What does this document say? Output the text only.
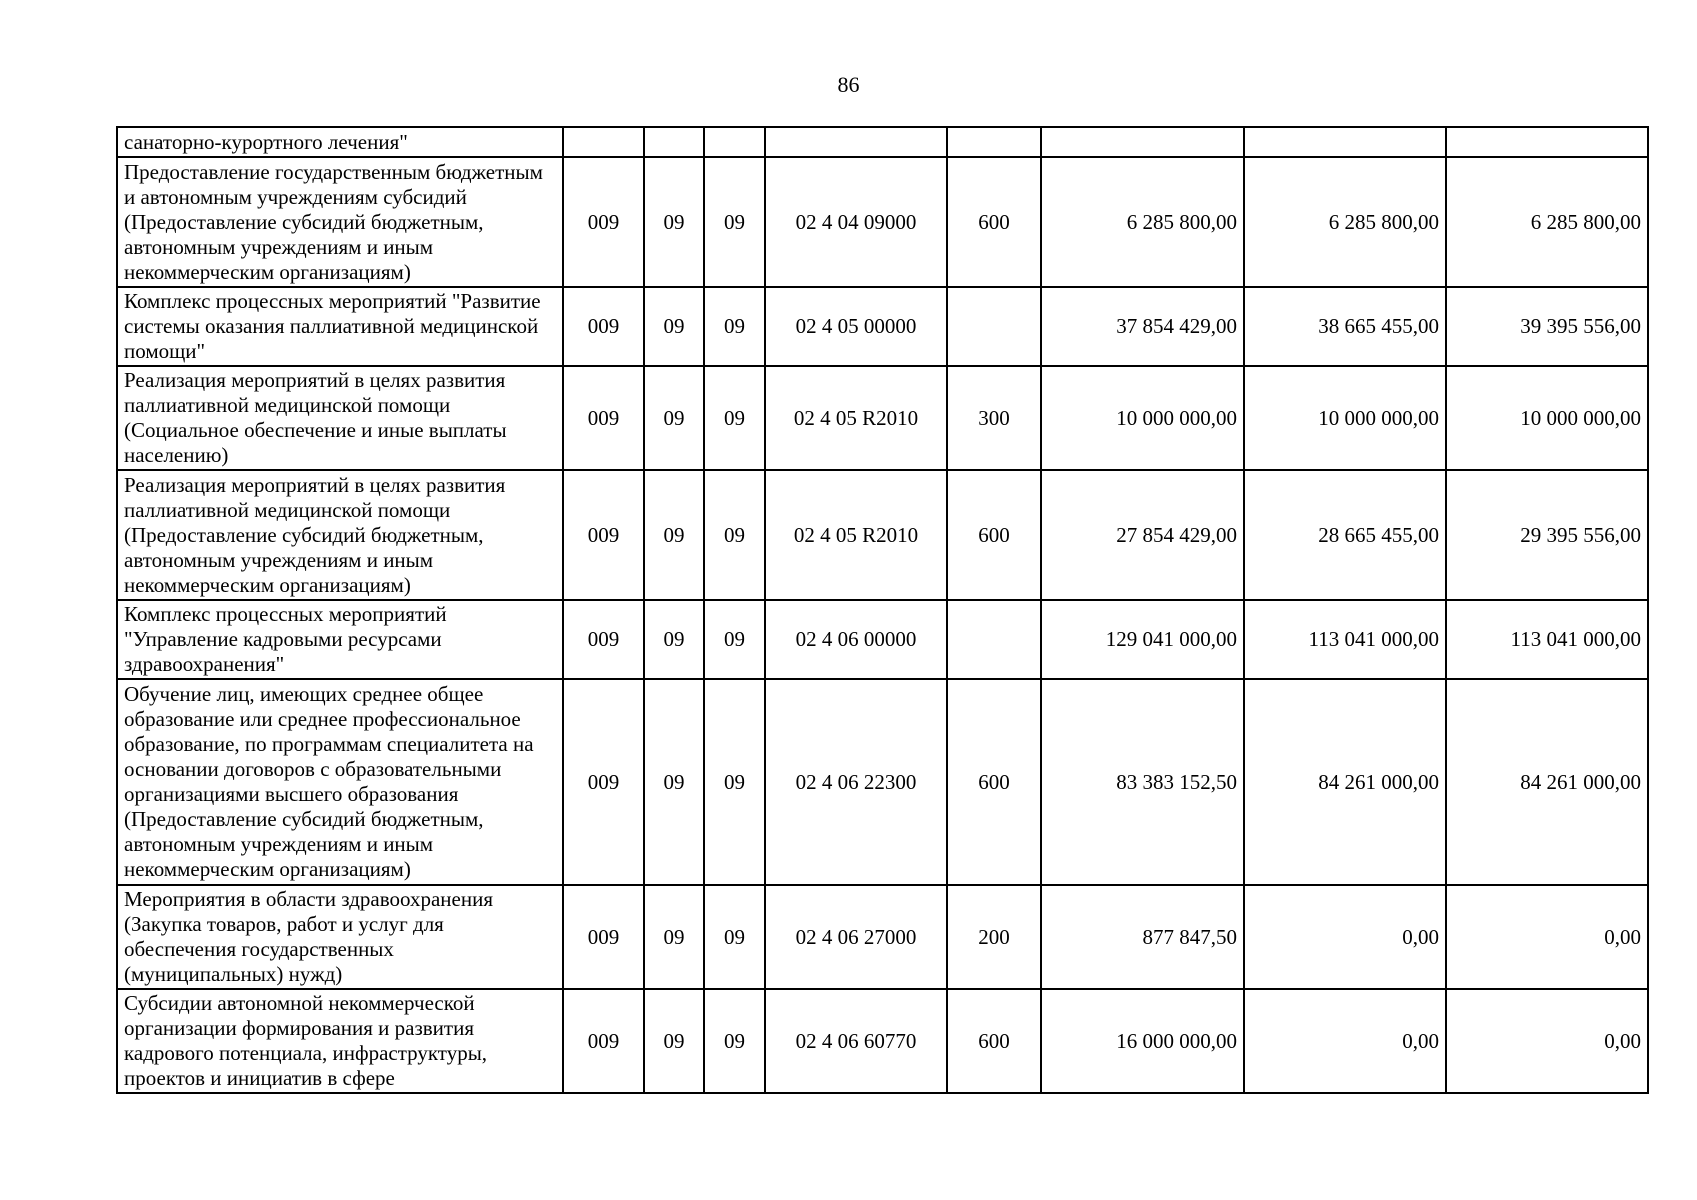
86
санаторно-курортного лечения"								
Предоставление государственным бюджетным и автономным учреждениям субсидий (Предоставление субсидий бюджетным, автономным учреждениям и иным некоммерческим организациям)	009	09	09	02 4 04 09000	600	6 285 800,00	6 285 800,00	6 285 800,00
Комплекс процессных мероприятий "Развитие системы оказания паллиативной медицинской помощи"	009	09	09	02 4 05 00000		37 854 429,00	38 665 455,00	39 395 556,00
Реализация мероприятий в целях развития паллиативной медицинской помощи (Социальное обеспечение и иные выплаты населению)	009	09	09	02 4 05 R2010	300	10 000 000,00	10 000 000,00	10 000 000,00
Реализация мероприятий в целях развития паллиативной медицинской помощи (Предоставление субсидий бюджетным, автономным учреждениям и иным некоммерческим организациям)	009	09	09	02 4 05 R2010	600	27 854 429,00	28 665 455,00	29 395 556,00
Комплекс процессных мероприятий "Управление кадровыми ресурсами здравоохранения"	009	09	09	02 4 06 00000		129 041 000,00	113 041 000,00	113 041 000,00
Обучение лиц, имеющих среднее общее образование или среднее профессиональное образование, по программам специалитета на основании договоров с образовательными организациями высшего образования (Предоставление субсидий бюджетным, автономным учреждениям и иным некоммерческим организациям)	009	09	09	02 4 06 22300	600	83 383 152,50	84 261 000,00	84 261 000,00
Мероприятия в области здравоохранения (Закупка товаров, работ и услуг для обеспечения государственных (муниципальных) нужд)	009	09	09	02 4 06 27000	200	877 847,50	0,00	0,00
Субсидии автономной некоммерческой организации формирования и развития кадрового потенциала, инфраструктуры, проектов и инициатив в сфере	009	09	09	02 4 06 60770	600	16 000 000,00	0,00	0,00
